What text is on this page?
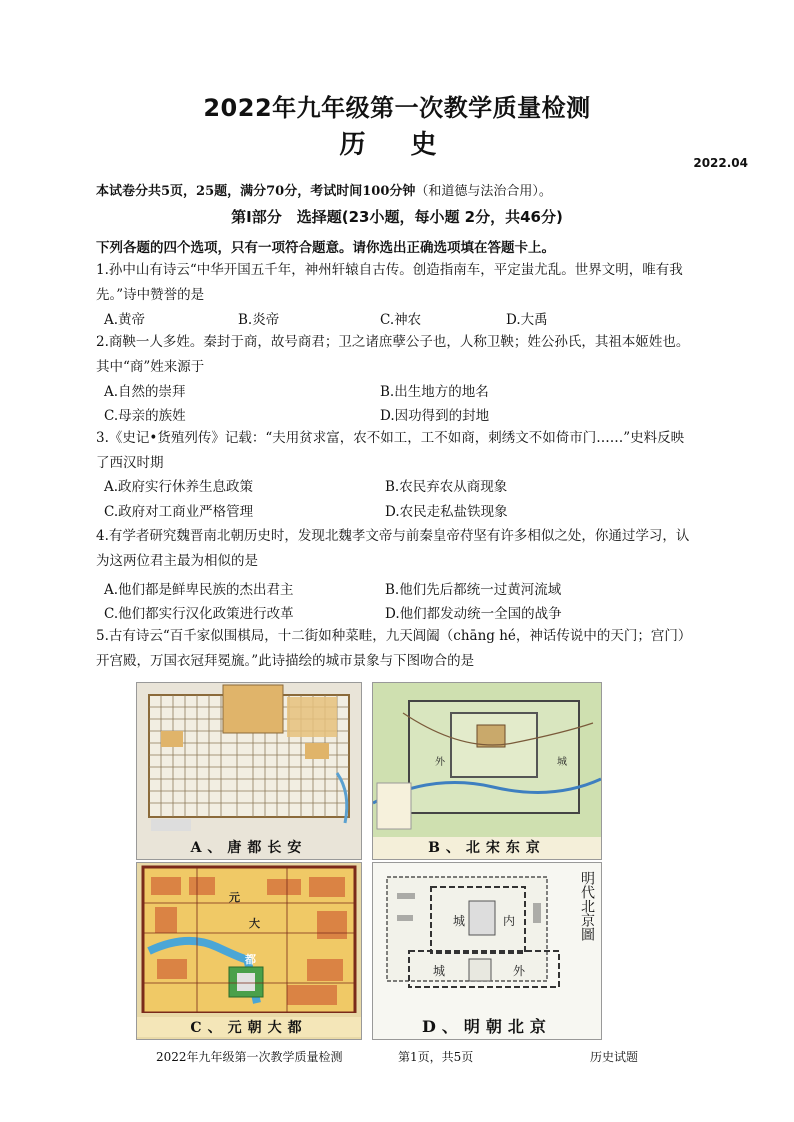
2022年九年级第一次教学质量检测
历 史
2022.04
本试卷分共5页，25题，满分70分，考试时间100分钟（和道德与法治合用）。
第Ⅰ部分　选择题(23小题，每小题 2分，共46分)
下列各题的四个选项，只有一项符合题意。请你选出正确选项填在答题卡上。
1.孙中山有诗云“中华开国五千年，神州轩辕自古传。创造指南车，平定蚩尤乱。世界文明，唯有我
先。”诗中赞誉的是
A.黄帝	B.炎帝	C.神农	D.大禹
2.商鞅一人多姓。秦封于商，故号商君；卫之诸庶孽公子也，人称卫鞅；姓公孙氏，其祖本姬姓也。
其中“商”姓来源于
A.自然的崇拜	B.出生地方的地名
C.母亲的族姓	D.因功得到的封地
3.《史记•货殖列传》记载：“夫用贫求富，农不如工，工不如商，刺绣文不如倚市门……”史料反映
了西汉时期
A.政府实行休养生息政策	B.农民弃农从商现象
C.政府对工商业严格管理	D.农民走私盐铁现象
4.有学者研究魏晋南北朝历史时，发现北魏孝文帝与前秦皇帝苻坚有许多相似之处，你通过学习，认
为这两位君主最为相似的是
A.他们都是鲜卑民族的杰出君主	B.他们先后都统一过黄河流域
C.他们都实行汉化政策进行改革	D.他们都发动统一全国的战争
5.古有诗云“百千家似围棋局，十二街如种菜畦，九天阊阖（chāng hé，神话传说中的天门；宫门）
开宫殿，万国衣冠拜冕旒。”此诗描绘的城市景象与下图吻合的是
A、唐都长安
外	城
B、北宋东京
元
大
都
C、元朝大都
城	内
城	外
明代北京圖
D、明朝北京
2022年九年级第一次教学质量检测	第1页，共5页	历史试题
